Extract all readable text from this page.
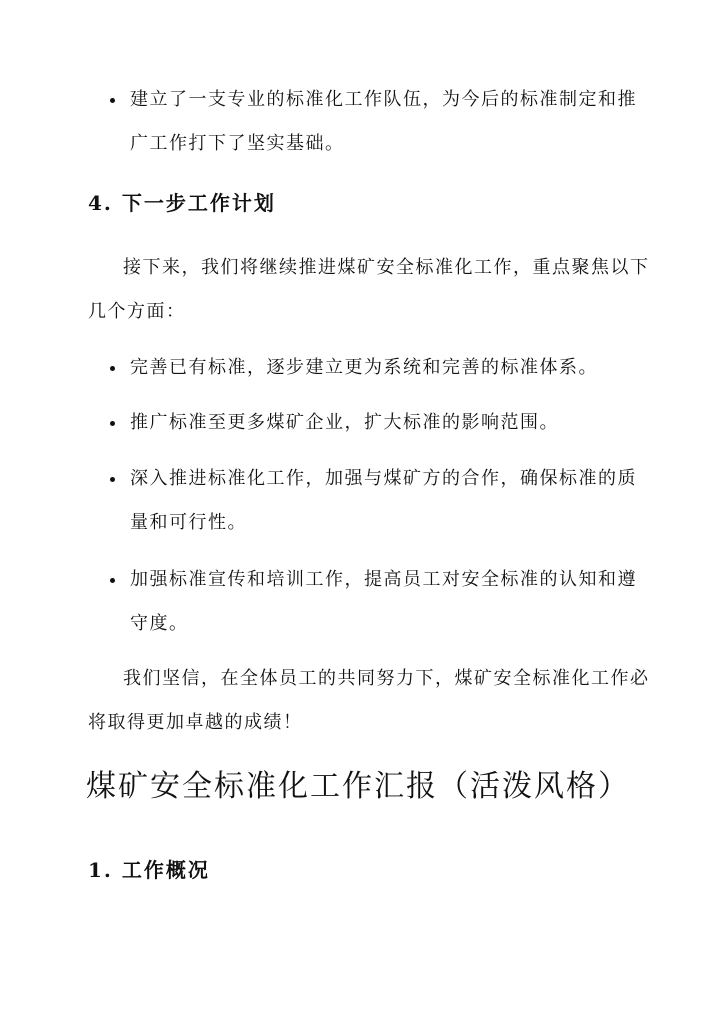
建立了一支专业的标准化工作队伍，为今后的标准制定和推
广工作打下了坚实基础。
4. 下一步工作计划
接下来，我们将继续推进煤矿安全标准化工作，重点聚焦以下
几个方面：
完善已有标准，逐步建立更为系统和完善的标准体系。
推广标准至更多煤矿企业，扩大标准的影响范围。
深入推进标准化工作，加强与煤矿方的合作，确保标准的质
量和可行性。
加强标准宣传和培训工作，提高员工对安全标准的认知和遵
守度。
我们坚信，在全体员工的共同努力下，煤矿安全标准化工作必
将取得更加卓越的成绩！
煤矿安全标准化工作汇报（活泼风格）
1. 工作概况
